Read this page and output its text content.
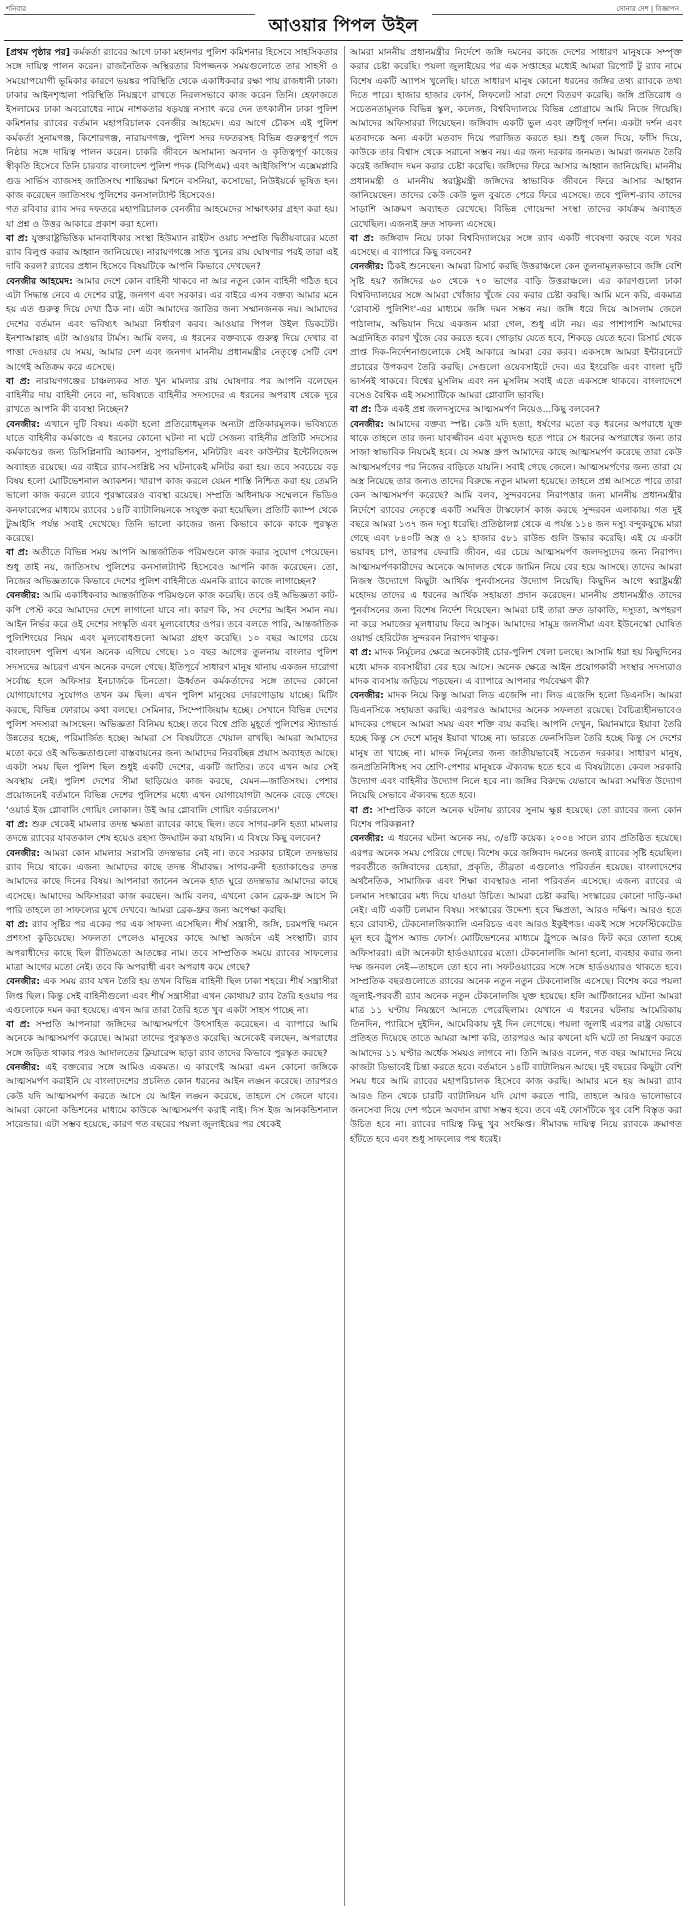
শনিবার	সোনার দেশ | বিজ্ঞাপন
আওয়ার পিপল উইল

[প্রথম পৃষ্ঠার পর] কর্মকর্তা র‍্যাবের আগে ঢাকা মহানগর পুলিশ কমিশনার হিসেবে সাহসিকতার সঙ্গে দায়িত্ব পালন করেন। রাজনৈতিক অস্থিরতার বিপজ্জনক সময়গুলোতে তার সাহসী ও সময়োপযোগী ভূমিকার কারণে ভয়ঙ্কর পরিস্থিতি থেকে একাধিকবার রক্ষা পায় রাজধানী ঢাকা। ঢাকার আইনশৃঙ্খলা পরিস্থিতি নিয়ন্ত্রণে রাখতে নিরলসভাবে কাজ করেন তিনি। হেফাজতে ইসলামের ঢাকা অবরোধের নামে নাশকতার ষড়যন্ত্র নস্যাৎ করে দেন তৎকালীন ঢাকা পুলিশ কমিশনার র‍্যাবের বর্তমান মহাপরিচালক বেনজীর আহমেদ। এর আগে চৌকস এই পুলিশ কর্মকর্তা সুনামগঞ্জ, কিশোরগঞ্জ, নারায়ণগঞ্জ, পুলিশ সদর দফতরসহ বিভিন্ন গুরুত্বপূর্ণ পদে নিষ্ঠার সঙ্গে দায়িত্ব পালন করেন। চাকরি জীবনে অসামান্য অবদান ও কৃতিত্বপূর্ণ কাজের স্বীকৃতি হিসেবে তিনি চারবার বাংলাদেশ পুলিশ পদক (বিপিএম) এবং আইজিপি'স এক্সেমপ্লারি গুড সার্ভিস ব্যাজসহ জাতিসংঘ শান্তিরক্ষা মিশনে বসনিয়া, কসোভো, নিউইয়র্কে ভূষিত হন। কাজ করেছেন জাতিসংঘ পুলিশের কনসালট্যান্ট হিসেবেও।

গত রবিবার র‍্যাব সদর দফতরে মহাপরিচালক বেনজীর আহমেদের সাক্ষাৎকার গ্রহণ করা হয়। যা প্রশ্ন ও উত্তর আকারে প্রকাশ করা হলো।

বা প্র: যুক্তরাষ্ট্রভিত্তিক মানবাধিকার সংস্থা হিউম্যান রাইটস ওয়াচ সম্প্রতি দ্বিতীয়বারের মতো র‍্যাব বিলুপ্ত করার আহ্বান জানিয়েছে। নারায়ণগঞ্জে সাত খুনের রায় ঘোষণার পরই তারা এই দাবি করল? র‍্যাবের প্রধান হিসেবে বিষয়টিকে আপনি কিভাবে দেখছেন?

বেনজীর আহমেদ: আমার দেশে কোন বাহিনী থাকবে না আর নতুন কোন বাহিনী গঠিত হবে এটা সিদ্ধান্ত নেবে এ দেশের রাষ্ট্র, জনগণ এবং সরকার। এর বাইরে এসব বক্তব্য আমার মনে হয় এত গুরুত্ব দিয়ে দেখা ঠিক না। এটা আমাদের জাতির জন্য সম্মানজনক নয়। আমাদের দেশের বর্তমান এবং ভবিষ্যৎ আমরা নির্ধারণ করব। আওয়ার পিপল উইল ডিকটেট। ইনশাআল্লাহ এটা আওয়ার টার্মস। আমি বলব, এ ধরনের বক্তব্যকে গুরুত্ব দিয়ে দেখার বা পাত্তা দেওয়ার যে সময়, আমার দেশ এবং জনগণ মাননীয় প্রধানমন্ত্রীর নেতৃত্বে সেটি বেশ আগেই অতিক্রম করে এসেছে।

বা প্র: নারায়ণগঞ্জের চাঞ্চল্যকর সাত খুন মামলার রায় ঘোষণার পর আপনি বলেছেন বাহিনীর দায় বাহিনী নেবে না, ভবিষ্যতে বাহিনীর সদস্যদের এ ধরনের অপরাধ থেকে দূরে রাখতে আপনি কী ব্যবস্থা নিচ্ছেন?

বেনজীর: এখানে দুটি বিষয়। একটা হলো প্রতিরোধমূলক অন্যটা প্রতিকারমূলক। ভবিষ্যতে যাতে বাহিনীর কর্মকাণ্ডে এ ধরনের কোনো ঘটনা না ঘটে সেজন্য বাহিনীর প্রতিটি সদস্যের কর্মকাণ্ডের জন্য ডিসিপ্লিনারি অ্যাকশন, সুপারভিশন, মনিটরিং এবং কাউন্টার ইন্টেলিজেন্স অব্যাহত রয়েছে। এর বাইরে র‍্যাব-সংশ্লিষ্ট সব ঘটনাকেই মনিটর করা হয়। তবে সবচেয়ে বড় বিষয় হলো মোটিভেশনাল অ্যাকশন। খারাপ কাজ করলে যেমন শাস্তি নিশ্চিত করা হয় তেমনি ভালো কাজ করলে র‍্যাবে পুরস্কারেরও ব্যবস্থা রয়েছে। সম্প্রতি অধিনায়ক সম্মেলনে ভিডিও কনফারেন্সের মাধ্যমে র‍্যাবের ১৪টি ব্যাটালিয়নকে সংযুক্ত করা হয়েছিল। প্রতিটি ক্যাম্প থেকে টুআইসি পর্যন্ত সবাই দেখেছে। তিনি ভালো কাজের জন্য কিভাবে কাকে কাকে পুরস্কৃত করেছে।

বা প্র: অতীতে বিভিন্ন সময় আপনি আন্তর্জাতিক পরিমণ্ডলে কাজ করার সুযোগ পেয়েছেন। শুধু তাই নয়, জাতিসংঘ পুলিশের কনসালট্যান্ট হিসেবেও আপনি কাজ করেছেন। তো, নিজের অভিজ্ঞতাকে কিভাবে দেশের পুলিশ বাহিনীতে এমনকি র‍্যাবে কাজে লাগাচ্ছেন?

বেনজীর: আমি একাধিকবার আন্তর্জাতিক পরিমণ্ডলে কাজ করেছি। তবে ওই অভিজ্ঞতা কাট-কপি পেস্ট করে আমাদের দেশে লাগানো যাবে না। কারণ কি, সব দেশের আইন সমান নয়। আইন নির্ভর করে ওই দেশের সংস্কৃতি এবং মূল্যবোধের ওপর। তবে বলতে পারি, আন্তর্জাতিক পুলিশিংয়ের নিয়ম এবং মূল্যবোধগুলো আমরা গ্রহণ করেছি। ১০ বছর আগের চেয়ে বাংলাদেশ পুলিশ এখন অনেক এগিয়ে গেছে। ১০ বছর আগের তুলনায় বাংলার পুলিশ সদস্যদের আচরণ এখন অনেক বদলে গেছে। ইতিপূর্বে সাধারণ মানুষ থানায় একজন দারোগা সর্বোচ্চ হলে অফিসার ইনচার্জকে চিনতো। ঊর্ধ্বতন কর্মকর্তাদের সঙ্গে তাদের কোনো যোগাযোগের সুযোগও তখন কম ছিল। এখন পুলিশ মানুষের দোরগোড়ায় যাচ্ছে। মিটিং করছে, বিভিন্ন ফোরামে কথা বলছে। সেমিনার, সিম্পোজিয়াম হচ্ছে। সেখানে বিভিন্ন দেশের পুলিশ সদস্যরা আসছেন। অভিজ্ঞতা বিনিময় হচ্ছে। তবে বিশ্বে প্রতি মুহূর্তে পুলিশের স্ট্যান্ডার্ড উন্নতের হচ্ছে, পরিমার্জিত হচ্ছে। আমরা সে বিষয়টাতে খেয়াল রাখছি। আমরা আমাদের মতো করে ওই অভিজ্ঞতাগুলো বাস্তবায়নের জন্য আমাদের নিরবচ্ছিন্ন প্রয়াস অব্যাহত আছে। একটা সময় ছিল পুলিশ ছিল শুধুই একটি দেশের, একটি জাতির। তবে এখন আর সেই অবস্থায় নেই। পুলিশ দেশের সীমা ছাড়িয়েও কাজ করছে, যেমন—জাতিসংঘ। পেশার প্রয়োজনেই বর্তমানে বিভিন্ন দেশের পুলিশের মধ্যে এখন যোগাযোগটা অনেক বেড়ে গেছে। 'ওয়ার্ড ইজ গ্লোবালি গোয়িং লোকাল। উই আর গ্লোবালি গোয়িং বর্ডারলেস।'

বা প্র: শুরু থেকেই মামলার তদন্ত ক্ষমতা র‍্যাবের কাছে ছিল। তবে সাগর-রুনি হত্যা মামলার তদন্তে র‍্যাবের যাবতকাল শেষ হয়েও রহস্য উদঘাটন করা যায়নি। এ বিষয়ে কিছু বলবেন?

বেনজীর: আমরা কোন মামলার সরাসরি তদন্তভার নেই না। তবে সরকার চাইলে তদন্তভার র‍্যাব দিয়ে থাকে। এজন্য আমাদের কাছে তদন্ত সীমাবদ্ধ। সাগর-রুনী হত্যাকাণ্ডের তদন্ত আমাদের কাছে দিনের বিষয়। আপনারা জানেন অনেক হাত ঘুরে তদন্তভার আমাদের কাছে এসেছে। আমাদের অফিসাররা কাজ করছেন। আমি বলব, এখনো কোন ব্রেক-থ্রু আসে নি পারি তাহলে তা সাফল্যের মুখে দেখবে। আমরা ব্রেক-থ্রুর জন্য অপেক্ষা করছি।

বা প্র: র‍্যাব সৃষ্টির পর একের পর এক সাফল্য এসেছিল। শীর্ষ সন্ত্রাসী, জঙ্গি, চরমপন্থি দমনে প্রশংসা কুড়িয়েছে। সফলতা পেলেও মানুষের কাছে আস্থা অর্জনে এই সংস্থাটি। র‍্যাব অপরাধীদের কাছে ছিল রীতিমতো আতঙ্কের নাম। তবে সাম্প্রতিক সময়ে র‍্যাবের সাফল্যের মাত্রা আগের মতো নেই। তবে কি অপরাধী এবং অপরাধ কমে গেছে?

বেনজীর: এক সময় র‍্যাব যখন তৈরি হয় তখন বিভিন্ন বাহিনী ছিল ঢাকা শহরে। শীর্ষ সন্ত্রাসীরা লিপ্ত ছিল। কিন্তু সেই বাহিনীগুলো এবং শীর্ষ সন্ত্রাসীরা এখন কোথায়? র‍্যাব তৈরি হওয়ার পর এগুলোকে দমন করা হয়েছে। এখন আর তারা তৈরি হতে খুব একটা সাহস পাচ্ছে না।

বা প্র: সম্প্রতি আপনারা জঙ্গিদের আত্মসমর্পণে উৎসাহিত করেছেন। এ ব্যাপারে আমি অনেকে আত্মসমর্পণ করেছে। আমরা তাদের পুরস্কৃতও করেছি। অনেকেই বলছেন, অপরাধের সঙ্গে জড়িত থাকার পরও আদালতের ক্লিয়ারেন্স ছাড়া র‍্যাব তাদের কিভাবে পুরস্কৃত করছে?

বেনজীর: এই বক্তব্যের সঙ্গে আমিও একমত। এ কারণেই আমরা এমন কোনো জঙ্গিকে আত্মসমর্পণ করাইনি যে বাংলাদেশের প্রচলিত কোন ধরনের আইন লঙ্ঘন করেছে। তারপরও কেউ যদি আত্মসমর্পণ করতে আসে যে আইন লঙ্ঘন করেছে, তাহলে সে জেলে যাবে। আমরা কোনো কন্ডিশনের মাধ্যমে কাউকে আত্মসমর্পণ করাই নাই। দিস ইজ আনকন্ডিশনাল সারেন্ডার। এটা সম্ভব হয়েছে, কারণ গত বছরের পয়লা জুলাইয়ের পর থেকেই

আমরা মাননীয় প্রধানমন্ত্রীর নির্দেশে জঙ্গি দমনের কাজে দেশের সাধারণ মানুষকে সম্পৃক্ত করার চেষ্টা করেছি। পয়লা জুলাইয়ের পর এক সপ্তাহের মধ্যেই আমরা রিপোর্ট টু র‍্যাব নামে বিশেষ একটি অ্যাপস খুলেছি। যাতে সাধারণ মানুষ কোনো ধরনের জঙ্গির তথ্য র‍্যাবকে তথ্য দিতে পারে। হাজার হাজার ফোর্স, লিফলেট সারা দেশে বিতরণ করেছি। জঙ্গি প্রতিরোধ ও সচেতনতামূলক বিভিন্ন স্কুল, কলেজ, বিশ্ববিদ্যালয়ে বিভিন্ন প্রোগ্রামে আমি নিজে গিয়েছি। আমাদের অফিসাররা গিয়েছেন। জঙ্গিবাদ একটি ভুল এবং ত্রুটিপূর্ণ দর্শন। একটা দর্শন এবং মতবাদকে অন্য একটা মতবাদ দিয়ে পরাজিত করতে হয়। শুধু জেল দিয়ে, ফাঁসি দিয়ে, কাউকে তার বিশ্বাস থেকে সরানো সম্ভব নয়। এর জন্য দরকার জনমত। আমরা জনমত তৈরি করেই জঙ্গিবাদ দমন করার চেষ্টা করেছি। জঙ্গিদের ফিরে আসার আহ্বান জানিয়েছি। মাননীয় প্রধানমন্ত্রী ও মাননীয় স্বরাষ্ট্রমন্ত্রী জঙ্গিদের স্বাভাবিক জীবনে ফিরে আসার আহ্বান জানিয়েছেন। তাদের কেউ কেউ ভুল বুঝতে পেরে ফিরে এসেছে। তবে পুলিশ-র‍্যাব তাদের সাড়াশি আক্রমণ অব্যাহত রেখেছে। বিভিন্ন গোয়েন্দা সংস্থা তাদের কার্যক্রম অব্যাহত রেখেছিল। এজন্যই দ্রুত সাফল্য এসেছে।

বা প্র: জঙ্গিবাদ নিয়ে ঢাকা বিশ্ববিদ্যালয়ের সঙ্গে র‍্যাব একটি গবেষণা করছে বলে খবর এসেছে। এ ব্যাপারে কিছু বলবেন?

বেনজীর: ঠিকই শুনেছেন। আমরা রিসার্চ করছি উত্তরাঞ্চলে কেন তুলনামূলকভাবে জঙ্গি বেশি সৃষ্টি হয়? জঙ্গিদের ৬০ থেকে ৭০ ভাগের বাড়ি উত্তরাঞ্চলে। এর কারণগুলো ঢাকা বিশ্ববিদ্যালয়ের সঙ্গে আমরা খোঁজার খুঁজে বের করার চেষ্টা করছি। আমি মনে করি, একমাত্র 'রোবাস্ট পুলিশিং'-এর মাধ্যমে জঙ্গি দমন সম্ভব নয়। জঙ্গি ধরে দিয়ে আসলাম জেলে পাঠালাম, অভিযান দিয়ে একজন মারা গেল, শুধু এটা নয়। এর পাশাপাশি আমাদের অগ্রনিহিত কারণ খুঁজে বের করতে হবে। গোড়ায় যেতে হবে, শিকড়ে যেতে হবে। রিসার্চ থেকে প্রাপ্ত দিক-নির্দেশনাগুলোকে সেই আকারে আমরা বের করব। একসঙ্গে আমরা ইন্টারনেটে প্রচারের উপকরণ তৈরি করছি। সেগুলো ওয়েবসাইটে দেব। এর ইংরেজি এবং বাংলা দুটি ভার্সনই থাকবে। বিশ্বের মুসলিম এবং নন মুসলিম সবাই এতে একসঙ্গে থাকবে। বাংলাদেশে বসেও বৈশ্বিক এই সমস্যাটিকে আমরা গ্লোবালি ভাবছি।

বা প্র: ঠিক একই প্রশ্ন জলদস্যুদের আত্মসমর্পণ নিয়েও...কিছু বলবেন?

বেনজীর: আমাদের বক্তব্য স্পষ্ট। কেউ যদি হত্যা, ধর্ষণের মতো বড় ধরনের অপরাধে যুক্ত থাকে তাহলে তার জন্য যাবজ্জীবন এবং মৃত্যুদণ্ড হতে পারে সে ধরনের অপরাধের জন্য তার সাজা স্বাভাবিক নিয়মেই হবে। যে সমস্ত গ্রুপ আমাদের কাছে আত্মসমর্পণ করেছে তারা কেউ আত্মসমর্পণের পর নিজের বাড়িতে যায়নি। সবাই গেছে জেলে। আত্মসমর্পণের জন্য তারা যে অস্ত্র নিয়েছে তার জন্যও তাদের বিরুদ্ধে নতুন মামলা হয়েছে। তাহলে প্রশ্ন আসতে পারে তারা কেন আত্মসমর্পণ করেছে? আমি বলব, সুন্দরবনের নিরাপত্তার জন্য মাননীয় প্রধানমন্ত্রীর নির্দেশে র‍্যাবের নেতৃত্বে একটি সমন্বিত টাস্কফোর্স কাজ করছে সুন্দরবন এলাকায়। গত দুই বছরে আমরা ১৩৭ জন দস্যু ধরেছি। প্রতিষ্ঠালগ্ন থেকে এ পর্যন্ত ১১৪ জন দস্যু বন্দুকযুদ্ধে মারা গেছে এবং ৮৪০টি অস্ত্র ও ২১ হাজার ৫৮১ রাউন্ড গুলি উদ্ধার করেছি। এই যে একটা ভয়াবহ চাপ, তারপর ফেরারি জীবন, এর চেয়ে আত্মসমর্পণ জলদস্যুদের জন্য নিরাপদ। আত্মসমর্পণকারীদের অনেকে আদালত থেকে জামিন নিয়ে বের হয়ে আসছে। তাদের আমরা নিজস্ব উদ্যোগে কিছুটা আর্থিক পুনর্বাসনের উদ্যোগ নিয়েছি। কিছুদিন আগে স্বরাষ্ট্রমন্ত্রী মহোদয় তাদের এ ধরনের আর্থিক সহায়তা প্রদান করেছেন। মাননীয় প্রধানমন্ত্রীও তাদের পুনর্বাসনের জন্য বিশেষ নির্দেশ দিয়েছেন। আমরা চাই তারা দ্রুত ডাকাতি, দস্যুতা, অপহরণ না করে সমাজের মূলধারায় ফিরে আসুক। আমাদের সামুদ্র জলসীমা এবং ইউনেস্কো ঘোষিত ওয়ার্ল্ড হেরিটেজ সুন্দরবন নিরাপদ থাকুক।

বা প্র: মাদক নির্মূলের ক্ষেত্রে অনেকটাই চোর-পুলিশ খেলা চলছে। আসামি ধরা হয় কিছুদিনের মধ্যে মাদক ব্যবসায়ীরা বের হয়ে আসে। অনেক ক্ষেত্রে আইন প্রয়োগকারী সংস্থার সদস্যরাও মাদক ব্যবসায় জড়িয়ে পড়ছেন। এ ব্যাপারে আপনার পর্যবেক্ষণ কী?

বেনজীর: মাদক নিয়ে কিন্তু আমরা লিড এজেন্সি না। লিড এজেন্সি হলো ডিএনসি। আমরা ডিএনসিকে সহায়তা করছি। এরপরও আমাদের অনেক সফলতা রয়েছে। বৈচিত্র্যহীনভাবেও মাদকের পেছনে আমরা সময় এবং শক্তি ব্যয় করছি। আপনি দেখুন, মিয়ানমারে ইয়াবা তৈরি হচ্ছে কিন্তু সে দেশে মানুষ ইয়াবা খাচ্ছে না। ভারতে ফেনসিডিল তৈরি হচ্ছে কিন্তু সে দেশের মানুষ তা খাচ্ছে না। মাদক নির্মূলের জন্য জাতীয়ভাবেই সচেতন দরকার। সাধারণ মানুষ, জনপ্রতিনিধিসহ সব শ্রেণি-পেশার মানুষকে ঐক্যবদ্ধ হতে হবে এ বিষয়টাতে। কেবল সরকারি উদ্যোগ এবং বাহিনীর উদ্যোগ নিলে হবে না। জঙ্গির বিরুদ্ধে যেভাবে আমরা সমন্বিত উদ্যোগ নিয়েছি সেভাবে ঐক্যবদ্ধ হতে হবে।

বা প্র: সাম্প্রতিক কালে অনেক ঘটনায় র‍্যাবের সুনাম ক্ষুণ্ণ হয়েছে। তো র‍্যাবের জন্য কোন বিশেষ পরিকল্পনা?

বেনজীর: এ ধরনের ঘটনা অনেক নয়, ৩/৪টি কয়েক। ২০০৪ সালে র‍্যাব প্রতিষ্ঠিত হয়েছে। এরপর অনেক সময় পেরিয়ে গেছে। বিশেষ করে জঙ্গিবাদ দমনের জন্যই র‍্যাবের সৃষ্টি হয়েছিল। পরবর্তীতে জঙ্গিবাদের চেহারা, প্রকৃতি, তীব্রতা এগুলোও পরিবর্তন হয়েছে। বাংলাদেশের অর্থনৈতিক, সামাজিক এবং শিক্ষা ব্যবস্থারও নানা পরিবর্তন এসেছে। এজন্য র‍্যাবের এ চলমান সংস্কারের মধ্য দিয়ে যাওয়া উচিত। আমরা চেষ্টা করছি। সংস্কারের কোনো দাড়ি-কমা নেই। এটি একটি চলমান বিষয়। সংস্কারের উদ্দেশ্য হবে ক্ষিপ্রতা, আরও দক্ষিণ। আরও হতে হবে রোবাস্ট, টেকনোলজিক্যালি এনরিচড এবং আরও ইকুইপড। একই সঙ্গে সফেস্টিকেটেড মূল হবে ট্রুপস অ্যান্ড ফোর্স। মোটিভেশনের মাধ্যমে ট্রুপকে আরও ফিট করে তোলা হচ্ছে অফিসাররা। এটা অনেকটা হার্ডওয়্যারের মতো। টেকনোলজি আনা হলো, ব্যবহার করার জন্য দক্ষ জনবল নেই—তাহলে তো হবে না। সফটওয়্যারের সঙ্গে সঙ্গে হার্ডওয়্যারও থাকতে হবে। সাম্প্রতিক বছরগুলোতে র‍্যাবের অনেক নতুন নতুন টেকনোলজি এসেছে। বিশেষ করে পয়লা জুলাই-পরবর্তী র‍্যাব অনেক নতুন টেকনোলজি যুক্ত হয়েছে। হলি আর্টিজানের ঘটনা আমরা মাত্র ১১ ঘণ্টায় নিয়ন্ত্রণে আনতে পেরেছিলাম। যেখানে এ ধরনের ঘটনায় আমেরিকায় তিনদিন, প্যারিসে দুইদিন, আমেরিকায় দুই দিন লেগেছে। পয়লা জুলাই এরপর রাষ্ট্র যেভাবে প্রতিহত দিয়েছে তাতে আমরা আশা করি, তারপরও আর কখনো যদি ঘটে তা নিয়ন্ত্রণ করতে আমাদের ১১ ঘণ্টার অর্ধেক সময়ও লাগবে না। তিনি আরও বলেন, গত বছর আমাদের নিয়ে কাজটা ডিভাবেই চিন্তা করতে হবে। বর্তমানে ১৪টি ব্যাটালিয়ন আছে। দুই বছরের কিছুটা বেশি সময় ধরে আমি র‍্যাবের মহাপরিচালক হিসেবে কাজ করছি। আমার মনে হয় আমরা র‍্যাব আরও তিন থেকে চারটি ব্যাটালিয়ন যদি যোগ করতে পারি, তাহলে আরও ভালোভাবে জনসেবা দিয়ে দেশ গঠনে অবদান রাখা সম্ভব হবে। তবে এই ফোর্সটিকে খুব বেশি বিস্তৃত করা উচিত হবে না। র‍্যাবের দায়িত্ব কিছু খুব সংক্ষিপ্ত। সীমাবদ্ধ দায়িত্ব নিয়ে র‍্যাবকে ক্রমাগত হাঁটতে হবে এবং শুধু সাফল্যের পথ ধরেই।
